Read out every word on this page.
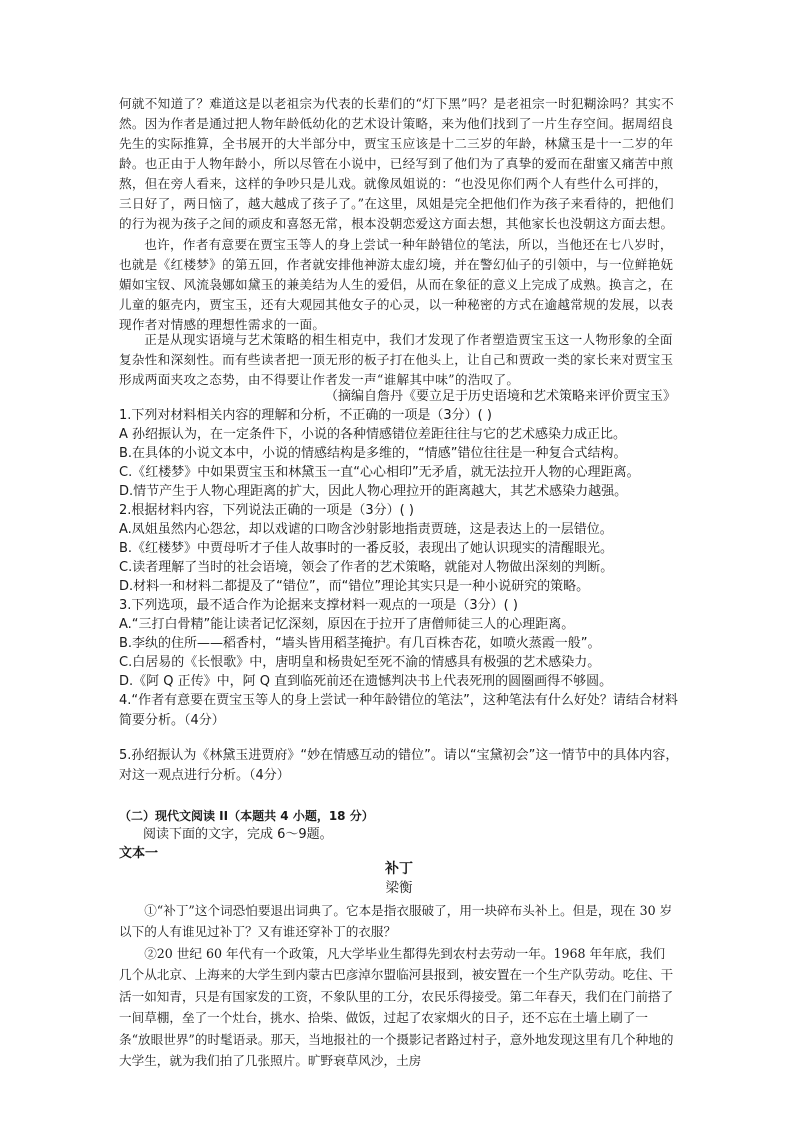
何就不知道了？难道这是以老祖宗为代表的长辈们的“灯下黑”吗？是老祖宗一时犯糊涂吗？其实不然。因为作者是通过把人物年龄低幼化的艺术设计策略，来为他们找到了一片生存空间。据周绍良先生的实际推算，全书展开的大半部分中，贾宝玉应该是十二三岁的年龄，林黛玉是十一二岁的年龄。也正由于人物年龄小，所以尽管在小说中，已经写到了他们为了真挚的爱而在甜蜜又痛苦中煎熬，但在旁人看来，这样的争吵只是儿戏。就像凤姐说的：“也没见你们两个人有些什么可拌的，三日好了，两日恼了，越大越成了孩子了。”在这里，凤姐是完全把他们作为孩子来看待的，把他们的行为视为孩子之间的顽皮和喜怒无常，根本没朝恋爱这方面去想，其他家长也没朝这方面去想。
也许，作者有意要在贾宝玉等人的身上尝试一种年龄错位的笔法，所以，当他还在七八岁时，也就是《红楼梦》的第五回，作者就安排他神游太虚幻境，并在警幻仙子的引领中，与一位鲜艳妩媚如宝钗、风流袅娜如黛玉的兼美结为人生的爱侣，从而在象征的意义上完成了成熟。换言之，在儿童的躯壳内，贾宝玉，还有大观园其他女子的心灵，以一种秘密的方式在逾越常规的发展，以表现作者对情感的理想性需求的一面。
正是从现实语境与艺术策略的相生相克中，我们才发现了作者塑造贾宝玉这一人物形象的全面复杂性和深刻性。而有些读者把一顶无形的板子打在他头上，让自己和贾政一类的家长来对贾宝玉形成两面夹攻之态势，由不得要让作者发一声“谁解其中味”的浩叹了。
（摘编自詹丹《要立足于历史语境和艺术策略来评价贾宝玉》
1.下列对材料相关内容的理解和分析，不正确的一项是（3分）( )
A 孙绍振认为，在一定条件下，小说的各种情感错位差距往往与它的艺术感染力成正比。
B.在具体的小说文本中，小说的情感结构是多维的，“情感”错位往往是一种复合式结构。
C.《红楼梦》中如果贾宝玉和林黛玉一直“心心相印”无矛盾，就无法拉开人物的心理距离。
D.情节产生于人物心理距离的扩大，因此人物心理拉开的距离越大，其艺术感染力越强。
2.根据材料内容，下列说法正确的一项是（3分）( )
A.凤姐虽然内心怨忿，却以戏谑的口吻含沙射影地指责贾琏，这是表达上的一层错位。
B.《红楼梦》中贾母听才子佳人故事时的一番反驳，表现出了她认识现实的清醒眼光。
C.读者理解了当时的社会语境，领会了作者的艺术策略，就能对人物做出深刻的判断。
D.材料一和材料二都提及了“错位”，而“错位”理论其实只是一种小说研究的策略。
3.下列选项，最不适合作为论据来支撑材料一观点的一项是（3分）( )
A.“三打白骨精”能让读者记忆深刻，原因在于拉开了唐僧师徒三人的心理距离。
B.李纨的住所——稻香村，“墙头皆用稻茎掩护。有几百株杏花，如喷火蒸霞一般”。
C.白居易的《长恨歌》中，唐明皇和杨贵妃至死不渝的情感具有极强的艺术感染力。
D.《阿 Q 正传》中，阿 Q 直到临死前还在遗憾判决书上代表死刑的圆圈画得不够圆。
4.“作者有意要在贾宝玉等人的身上尝试一种年龄错位的笔法”，这种笔法有什么好处？请结合材料简要分析。（4分）
5.孙绍振认为《林黛玉进贾府》“妙在情感互动的错位”。请以“宝黛初会”这一情节中的具体内容，对这一观点进行分析。（4分）
（二）现代文阅读 II（本题共 4 小题，18 分）
阅读下面的文字，完成 6～9题。
文本一
补丁
梁衡
①“补丁”这个词恐怕要退出词典了。它本是指衣服破了，用一块碎布头补上。但是，现在 30 岁以下的人有谁见过补丁？又有谁还穿补丁的衣服？
②20 世纪 60 年代有一个政策，凡大学毕业生都得先到农村去劳动一年。1968 年年底，我们几个从北京、上海来的大学生到内蒙古巴彦淖尔盟临河县报到，被安置在一个生产队劳动。吃住、干活一如知青，只是有国家发的工资，不象队里的工分，农民乐得接受。第二年春天，我们在门前搭了一间草棚，垒了一个灶台，挑水、拾柴、做饭，过起了农家烟火的日子，还不忘在土墙上刷了一条“放眼世界”的时髦语录。那天，当地报社的一个摄影记者路过村子，意外地发现这里有几个种地的大学生，就为我们拍了几张照片。旷野衰草风沙，土房
